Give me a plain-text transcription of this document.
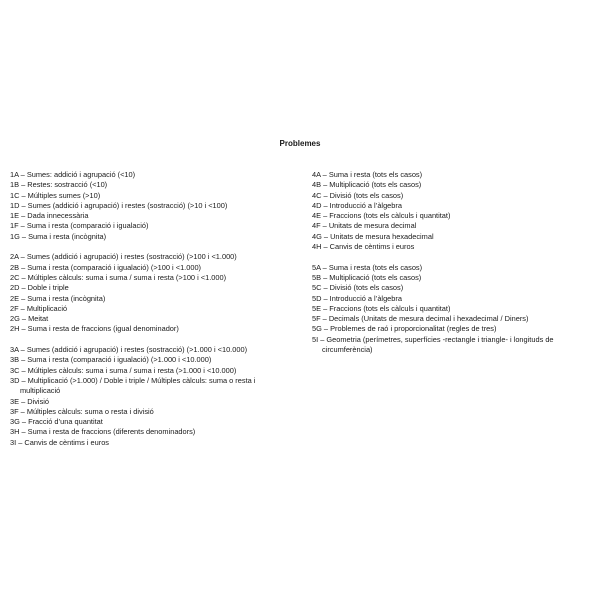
Problemes
1A – Sumes: addició i agrupació (<10)
1B – Restes: sostracció (<10)
1C – Múltiples sumes (>10)
1D – Sumes (addició i agrupació) i restes (sostracció) (>10 i <100)
1E – Dada innecessària
1F – Suma i resta (comparació i igualació)
1G – Suma i resta (incògnita)
2A – Sumes (addició i agrupació) i restes (sostracció) (>100 i <1.000)
2B – Suma i resta (comparació i igualació) (>100 i <1.000)
2C – Múltiples càlculs: suma i suma / suma i resta (>100 i <1.000)
2D – Doble i triple
2E – Suma i resta (incògnita)
2F – Multiplicació
2G – Meitat
2H – Suma i resta de fraccions (igual denominador)
3A – Sumes (addició i agrupació) i restes (sostracció) (>1.000 i <10.000)
3B – Suma i resta (comparació i igualació) (>1.000 i <10.000)
3C – Múltiples càlculs: suma i suma / suma i resta (>1.000 i <10.000)
3D – Multiplicació (>1.000) / Doble i triple / Múltiples càlculs: suma o resta i multiplicació
3E – Divisió
3F – Múltiples càlculs: suma o resta i divisió
3G – Fracció d’una quantitat
3H – Suma i resta de fraccions (diferents denominadors)
3I – Canvis de cèntims i euros
4A – Suma i resta (tots els casos)
4B – Multiplicació (tots els casos)
4C – Divisió (tots els casos)
4D – Introducció a l’àlgebra
4E – Fraccions (tots els càlculs i quantitat)
4F – Unitats de mesura decimal
4G – Unitats de mesura hexadecimal
4H – Canvis de cèntims i euros
5A – Suma i resta (tots els casos)
5B – Multiplicació (tots els casos)
5C – Divisió (tots els casos)
5D – Introducció a l’àlgebra
5E – Fraccions (tots els càlculs i quantitat)
5F – Decimals (Unitats de mesura decimal i hexadecimal / Diners)
5G – Problemes de raó i proporcionalitat (regles de tres)
5I – Geometria (perímetres, superfícies -rectangle i triangle- i longituds de circumferència)
